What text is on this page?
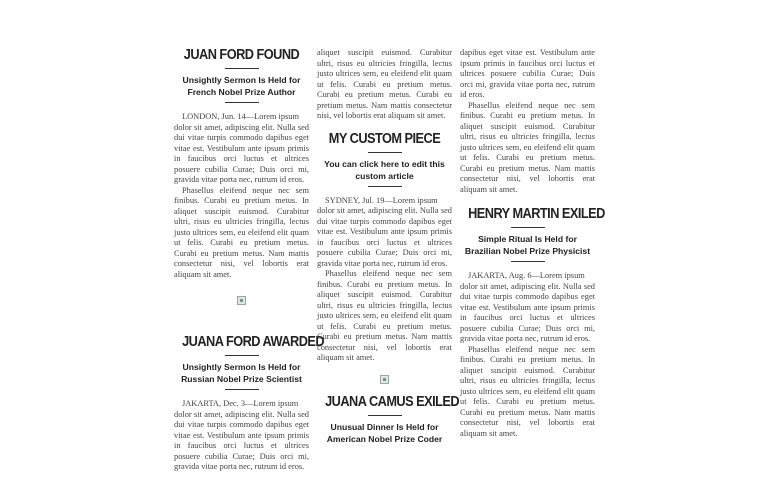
JUAN FORD FOUND

Unsightly Sermon Is Held for French Nobel Prize Author

LONDON, Jun. 14—Lorem ipsum

dolor sit amet, adipiscing elit. Nulla sed dui vitae turpis commodo dapibus eget vitae est. Vestibulum ante ipsum primis in faucibus orci luctus et ultrices posuere cubilia Curae; Duis orci mi, gravida vitae porta nec, rutrum id eros.

Phasellus eleifend neque nec sem finibus. Curabi eu pretium metus. In aliquet suscipit euismod. Curabitur ultri, risus eu ultricies fringilla, lectus justo ultrices sem, eu eleifend elit quam ut felis. Curabi eu pretium metus. Curabi eu pretium metus. Nam mattis consectetur nisi, vel lobortis erat aliquam sit amet.

JUANA FORD AWARDED

Unsightly Sermon Is Held for Russian Nobel Prize Scientist

JAKARTA, Dec. 3—Lorem ipsum

dolor sit amet, adipiscing elit. Nulla sed dui vitae turpis commodo dapibus eget vitae est. Vestibulum ante ipsum primis in faucibus orci luctus et ultrices posuere cubilia Curae; Duis orci mi, gravida vitae porta nec, rutrum id eros.

aliquet suscipit euismod. Curabitur ultri, risus eu ultricies fringilla, lectus justo ultrices sem, eu eleifend elit quam ut felis. Curabi eu pretium metus. Curabi eu pretium metus. Curabi eu pretium metus. Nam mattis consectetur nisi, vel lobortis erat aliquam sit amet.

MY CUSTOM PIECE

You can click here to edit this custom article

SYDNEY, Jul. 19—Lorem ipsum

dolor sit amet, adipiscing elit. Nulla sed dui vitae turpis commodo dapibus eget vitae est. Vestibulum ante ipsum primis in faucibus orci luctus et ultrices posuere cubilia Curae; Duis orci mi, gravida vitae porta nec, rutrum id eros.

Phasellus eleifend neque nec sem finibus. Curabi eu pretium metus. In aliquet suscipit euismod. Curabitur ultri, risus eu ultricies fringilla, lectus justo ultrices sem, eu eleifend elit quam ut felis. Curabi eu pretium metus. Curabi eu pretium metus. Nam mattis consectetur nisi, vel lobortis erat aliquam sit amet.

JUANA CAMUS EXILED

Unusual Dinner Is Held for American Nobel Prize Coder

dapibus eget vitae est. Vestibulum ante ipsum primis in faucibus orci luctus et ultrices posuere cubilia Curae; Duis orci mi, gravida vitae porta nec, rutrum id eros.

Phasellus eleifend neque nec sem finibus. Curabi eu pretium metus. In aliquet suscipit euismod. Curabitur ultri, risus eu ultricies fringilla, lectus justo ultrices sem, eu eleifend elit quam ut felis. Curabi eu pretium metus. Curabi eu pretium metus. Nam mattis consectetur nisi, vel lobortis erat aliquam sit amet.

HENRY MARTIN EXILED

Simple Ritual Is Held for Brazilian Nobel Prize Physicist

JAKARTA, Aug. 6—Lorem ipsum

dolor sit amet, adipiscing elit. Nulla sed dui vitae turpis commodo dapibus eget vitae est. Vestibulum ante ipsum primis in faucibus orci luctus et ultrices posuere cubilia Curae; Duis orci mi, gravida vitae porta nec, rutrum id eros.

Phasellus eleifend neque nec sem finibus. Curabi eu pretium metus. In aliquet suscipit euismod. Curabitur ultri, risus eu ultricies fringilla, lectus justo ultrices sem, eu eleifend elit quam ut felis. Curabi eu pretium metus. Curabi eu pretium metus. Nam mattis consectetur nisi, vel lobortis erat aliquam sit amet.
